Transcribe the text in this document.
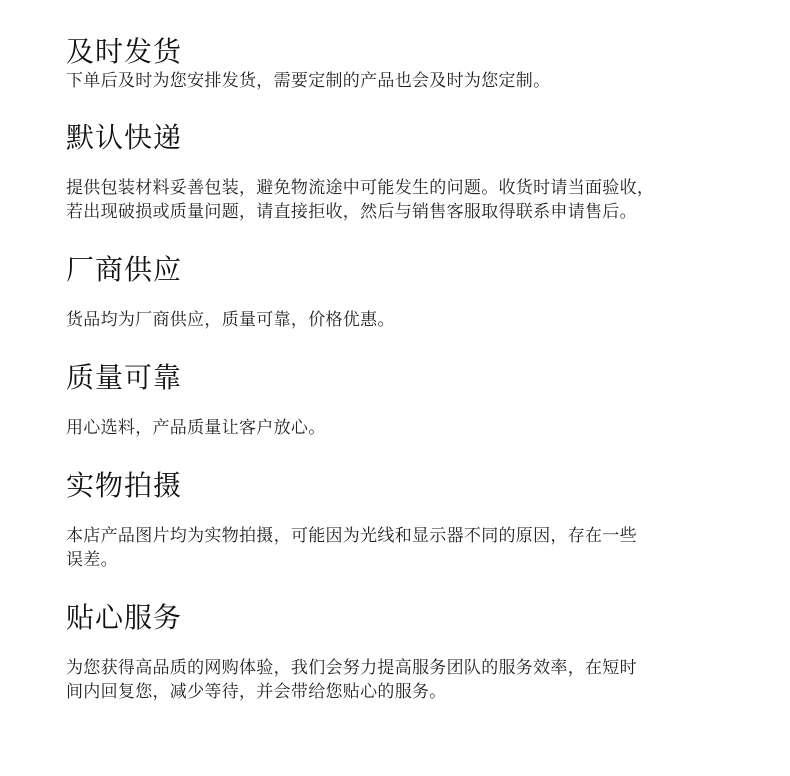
及时发货

下单后及时为您安排发货，需要定制的产品也会及时为您定制。

默认快递

提供包装材料妥善包装，避免物流途中可能发生的问题。收货时请当面验收，

若出现破损或质量问题，请直接拒收，然后与销售客服取得联系申请售后。

厂商供应

货品均为厂商供应，质量可靠，价格优惠。

质量可靠

用心选料，产品质量让客户放心。

实物拍摄

本店产品图片均为实物拍摄，可能因为光线和显示器不同的原因，存在一些

误差。

贴心服务

为您获得高品质的网购体验，我们会努力提高服务团队的服务效率，在短时

间内回复您，减少等待，并会带给您贴心的服务。
